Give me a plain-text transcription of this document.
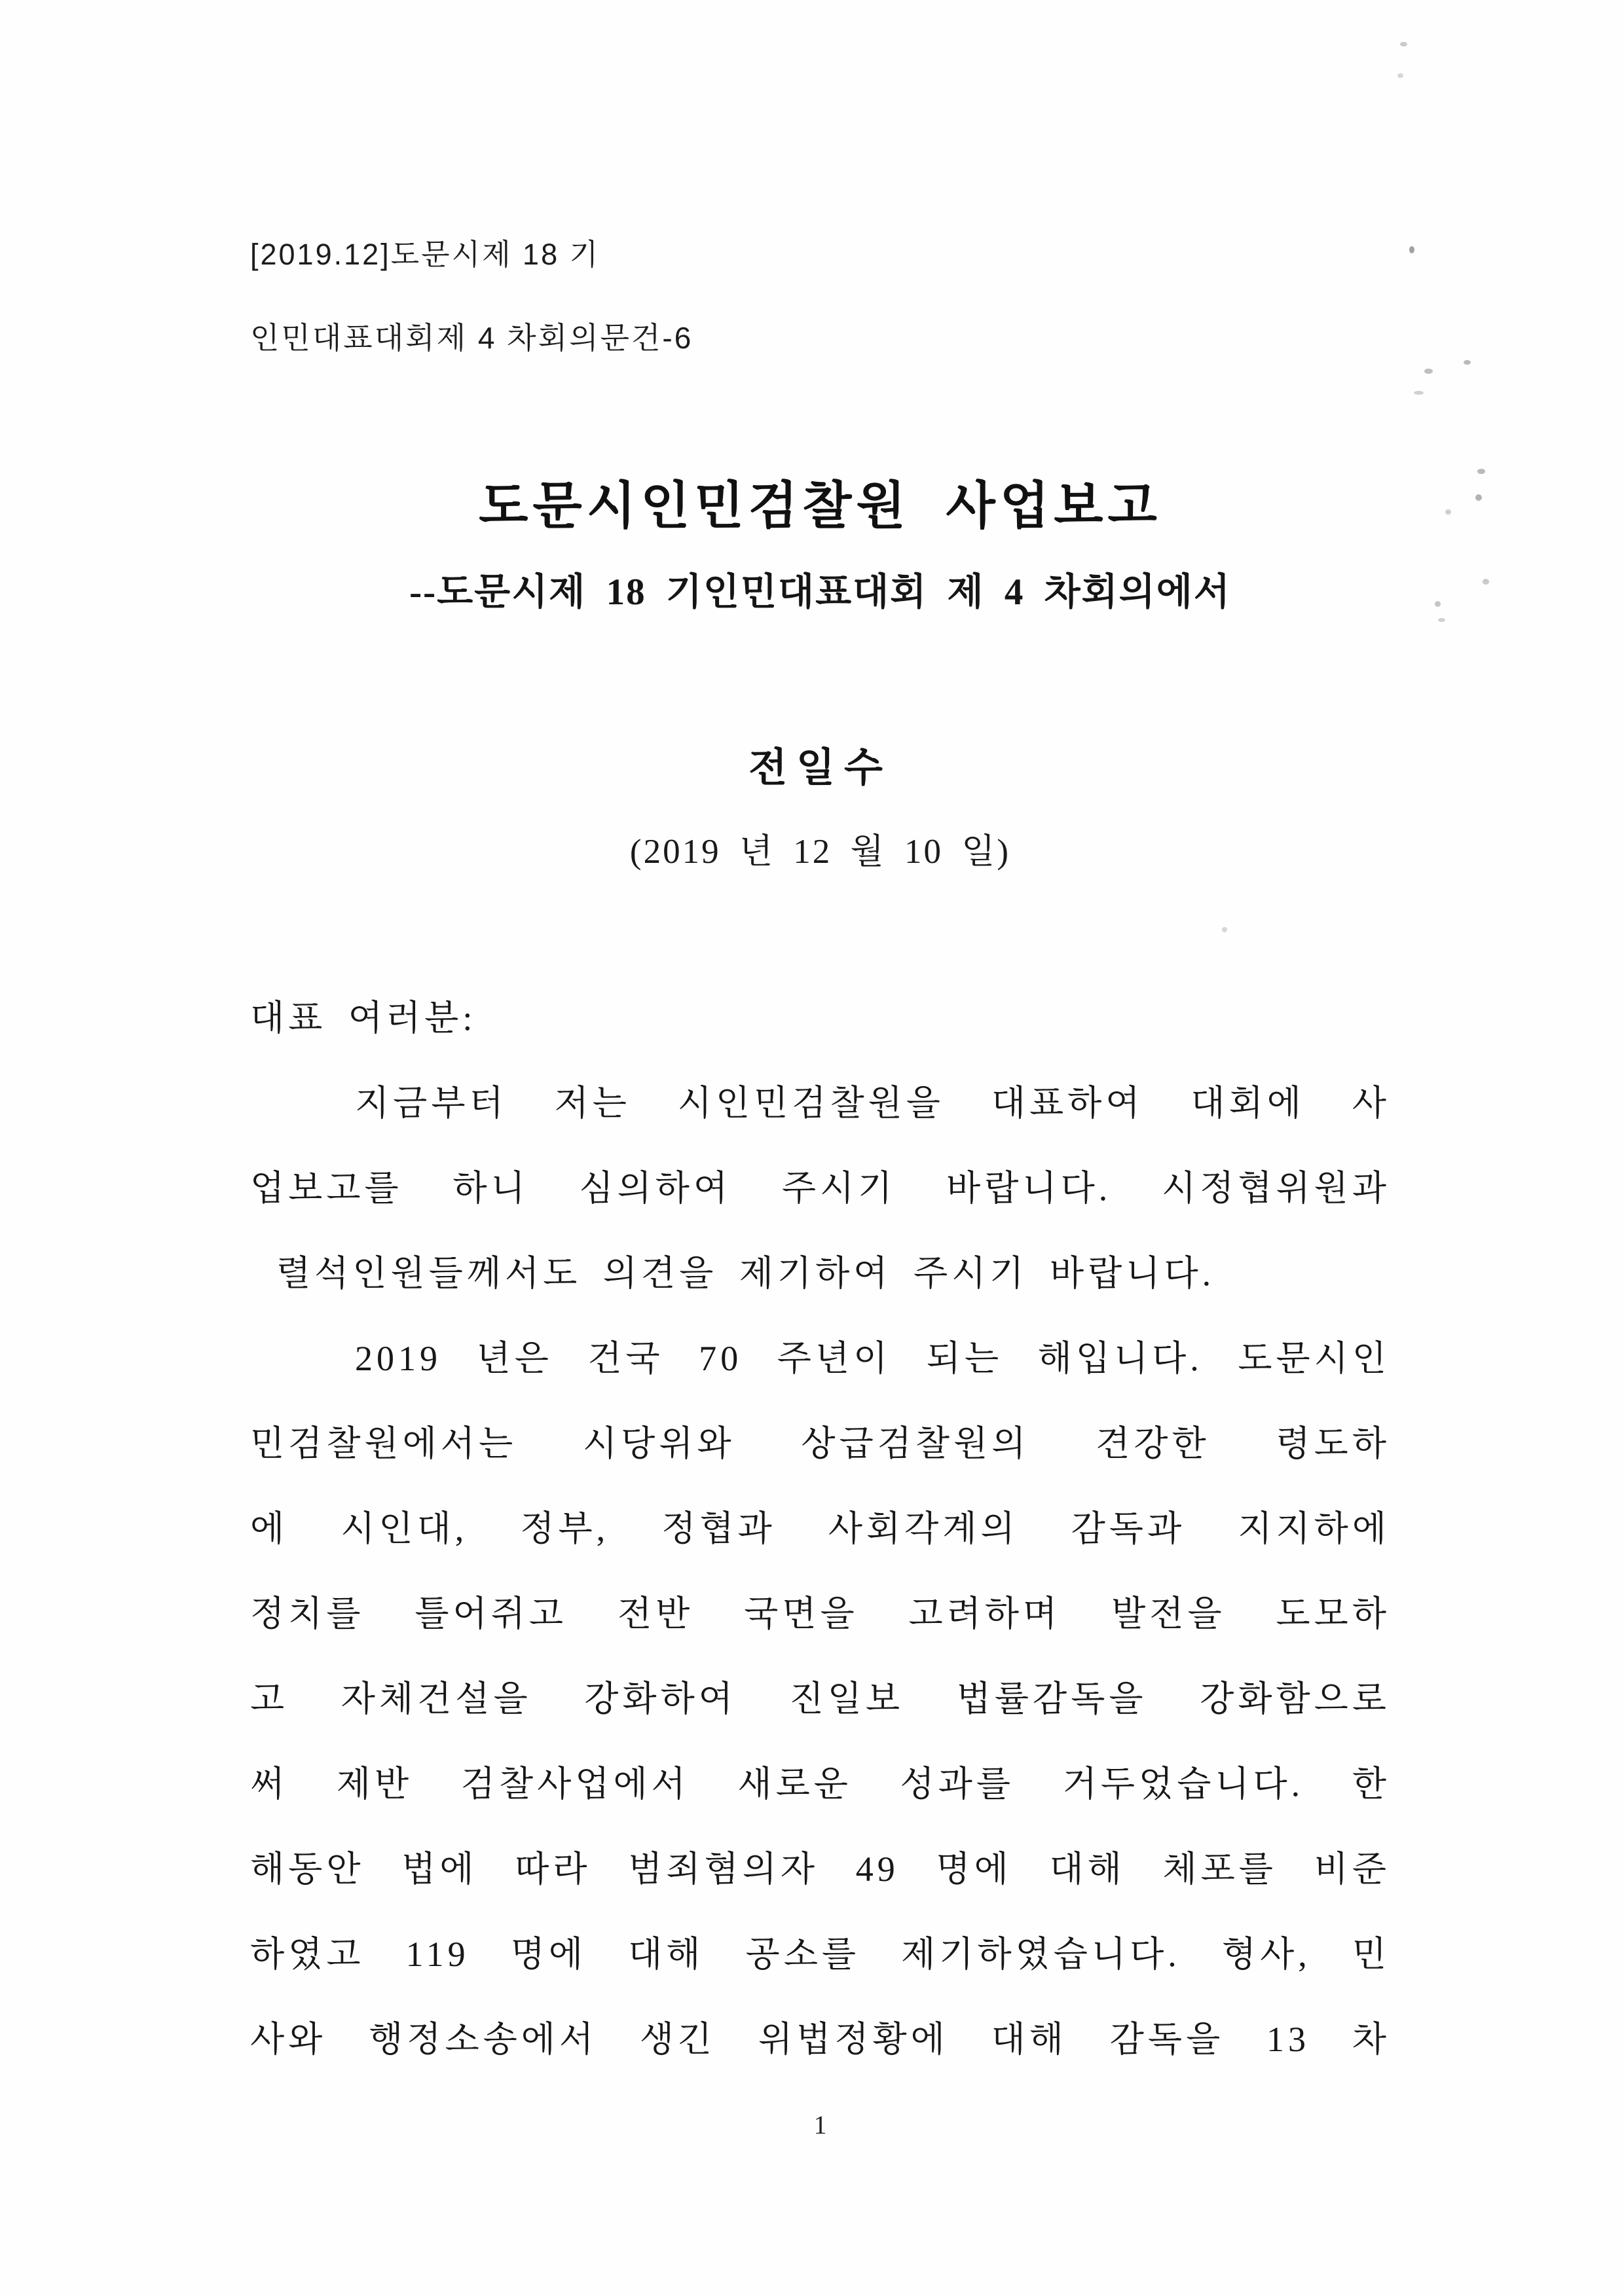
[2019.12]도문시제 18 기
인민대표대회제 4 차회의문건-6
도문시인민검찰원 사업보고
--도문시제 18 기인민대표대회 제 4 차회의에서
전일수
(2019 년 12 월 10 일)
대표 여러분:
지금부터 저는 시인민검찰원을 대표하여 대회에 사
업보고를 하니 심의하여 주시기 바랍니다. 시정협위원과
렬석인원들께서도 의견을 제기하여 주시기 바랍니다.
2019 년은 건국 70 주년이 되는 해입니다. 도문시인
민검찰원에서는 시당위와 상급검찰원의 견강한 령도하
에 시인대, 정부, 정협과 사회각계의 감독과 지지하에
정치를 틀어쥐고 전반 국면을 고려하며 발전을 도모하
고 자체건설을 강화하여 진일보 법률감독을 강화함으로
써 제반 검찰사업에서 새로운 성과를 거두었습니다. 한
해동안 법에 따라 범죄혐의자 49 명에 대해 체포를 비준
하였고 119 명에 대해 공소를 제기하였습니다. 형사, 민
사와 행정소송에서 생긴 위법정황에 대해 감독을 13 차
1
